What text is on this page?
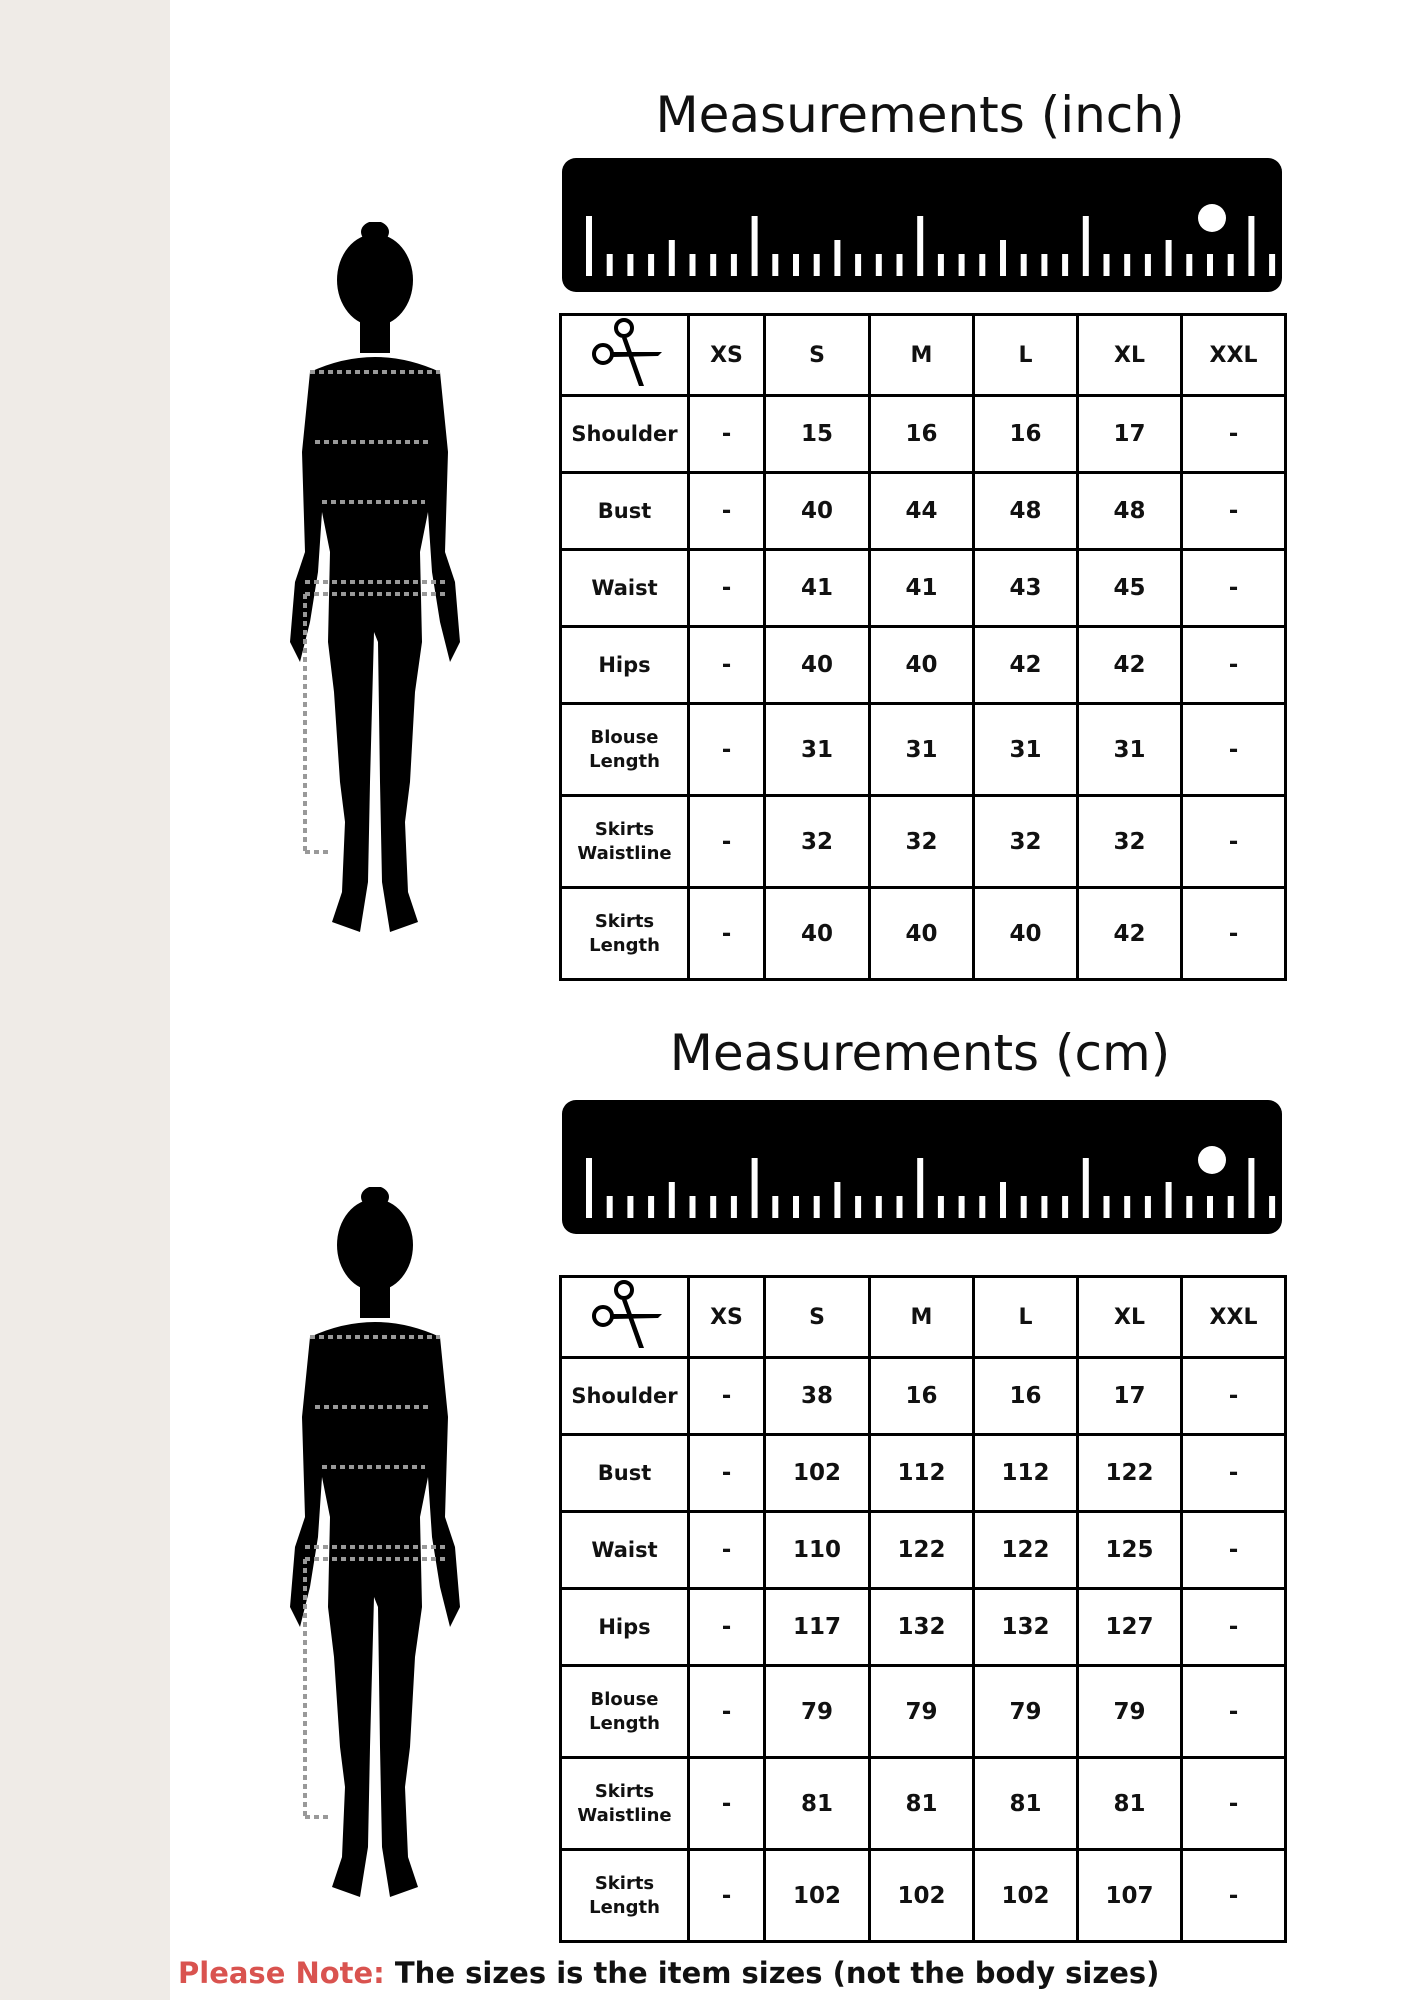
Measurements (inch)
	XS	S	M	L	XL	XXL
Shoulder	-	15	16	16	17	-
Bust	-	40	44	48	48	-
Waist	-	41	41	43	45	-
Hips	-	40	40	42	42	-
Blouse Length	-	31	31	31	31	-
Skirts Waistline	-	32	32	32	32	-
Skirts Length	-	40	40	40	42	-
Measurements (cm)
	XS	S	M	L	XL	XXL
Shoulder	-	38	16	16	17	-
Bust	-	102	112	112	122	-
Waist	-	110	122	122	125	-
Hips	-	117	132	132	127	-
Blouse Length	-	79	79	79	79	-
Skirts Waistline	-	81	81	81	81	-
Skirts Length	-	102	102	102	107	-
Please Note: The sizes is the item sizes (not the body sizes)
